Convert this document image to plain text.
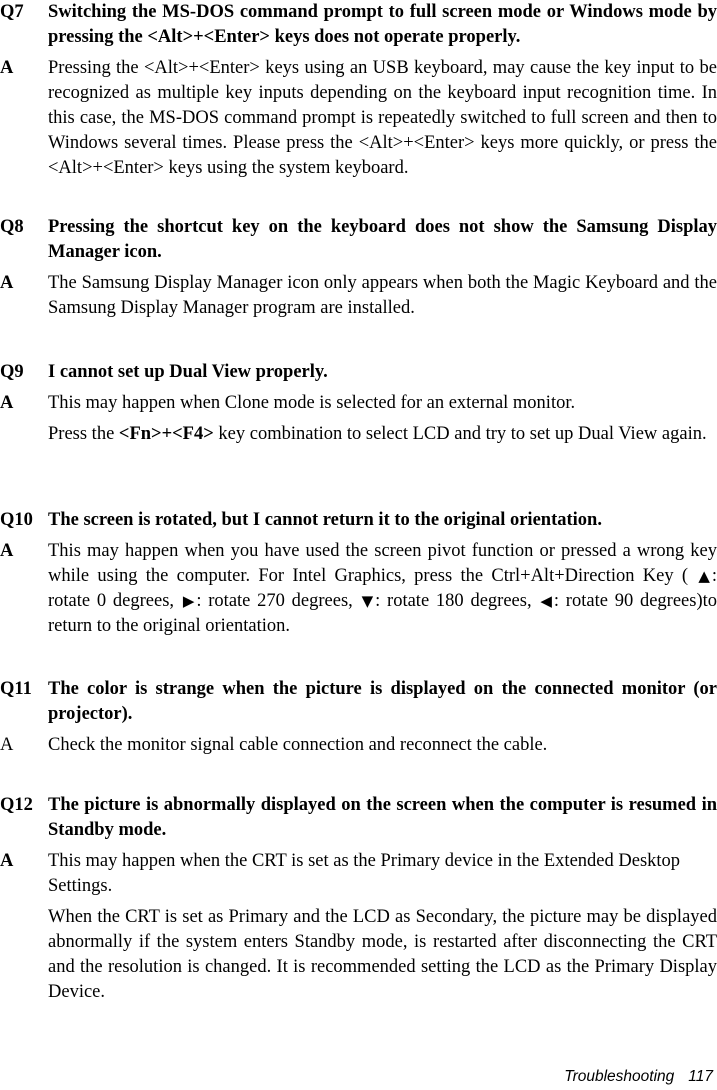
Q7	Switching the MS-DOS command prompt to full screen mode or Windows mode by pressing the <Alt>+<Enter> keys does not operate properly.
A	Pressing the <Alt>+<Enter> keys using an USB keyboard, may cause the key input to be recognized as multiple key inputs depending on the keyboard input recognition time. In this case, the MS-DOS command prompt is repeatedly switched to full screen and then to Windows several times. Please press the <Alt>+<Enter> keys more quickly, or press the <Alt>+<Enter> keys using the system keyboard.
Q8	Pressing the shortcut key on the keyboard does not show the Samsung Display Manager icon.
A	The Samsung Display Manager icon only appears when both the Magic Keyboard and the Samsung Display Manager program are installed.
Q9	I cannot set up Dual View properly.
A	This may happen when Clone mode is selected for an external monitor.
Press the <Fn>+<F4> key combination to select LCD and try to set up Dual View again.
Q10 The screen is rotated, but I cannot return it to the original orientation.
A	This may happen when you have used the screen pivot function or pressed a wrong key while using the computer. For Intel Graphics, press the Ctrl+Alt+Direction Key ( ▲ : rotate 0 degrees, ▶ : rotate 270 degrees, ▼ : rotate 180 degrees, ◀ : rotate 90 degrees)to return to the original orientation.
Q11 The color is strange when the picture is displayed on the connected monitor (or projector).
A	Check the monitor signal cable connection and reconnect the cable.
Q12 The picture is abnormally displayed on the screen when the computer is resumed in Standby mode.
A	This may happen when the CRT is set as the Primary device in the Extended Desktop Settings.
When the CRT is set as Primary and the LCD as Secondary, the picture may be displayed abnormally if the system enters Standby mode, is restarted after disconnecting the CRT and the resolution is changed. It is recommended setting the LCD as the Primary Display Device.
Troubleshooting 117
